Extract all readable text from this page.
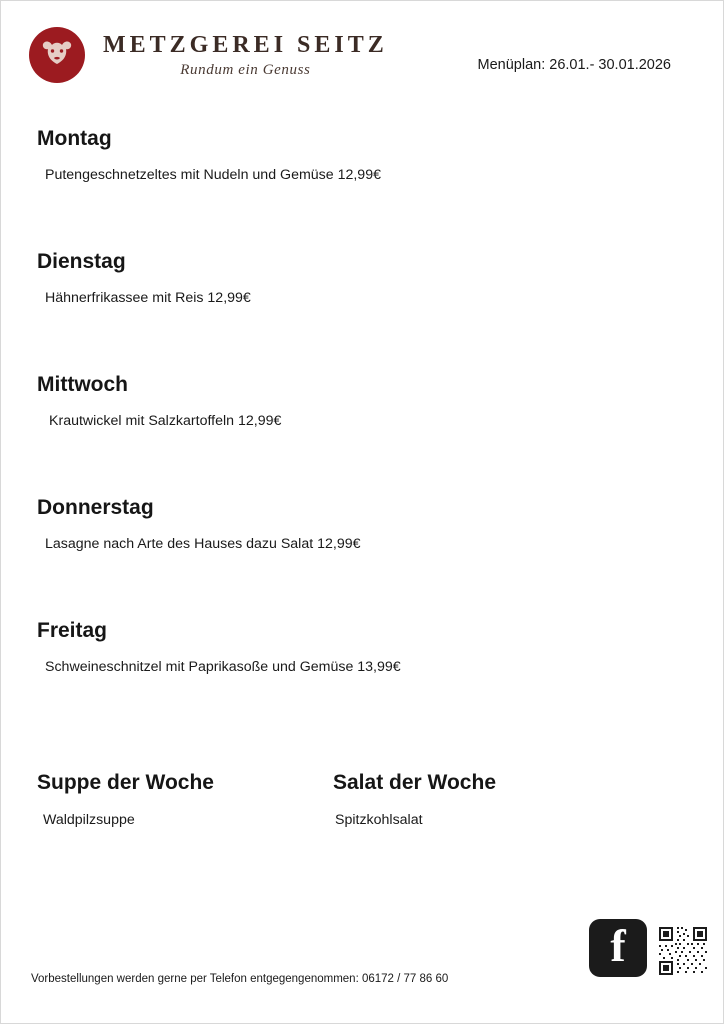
METZGEREI SEITZ
Rundum ein Genuss	Menüplan: 26.01.- 30.01.2026
Montag
Putengeschnetzeltes mit Nudeln und Gemüse 12,99€
Dienstag
Hähnerfrikassee mit Reis 12,99€
Mittwoch
Krautwickel mit Salzkartoffeln 12,99€
Donnerstag
Lasagne nach Arte des Hauses dazu Salat 12,99€
Freitag
Schweineschnitzel mit Paprikasoße und Gemüse 13,99€
Suppe der Woche
Waldpilzsuppe
Salat der Woche
Spitzkohlsalat
Vorbestellungen werden gerne per Telefon entgegengenommen: 06172 / 77 86 60
f
